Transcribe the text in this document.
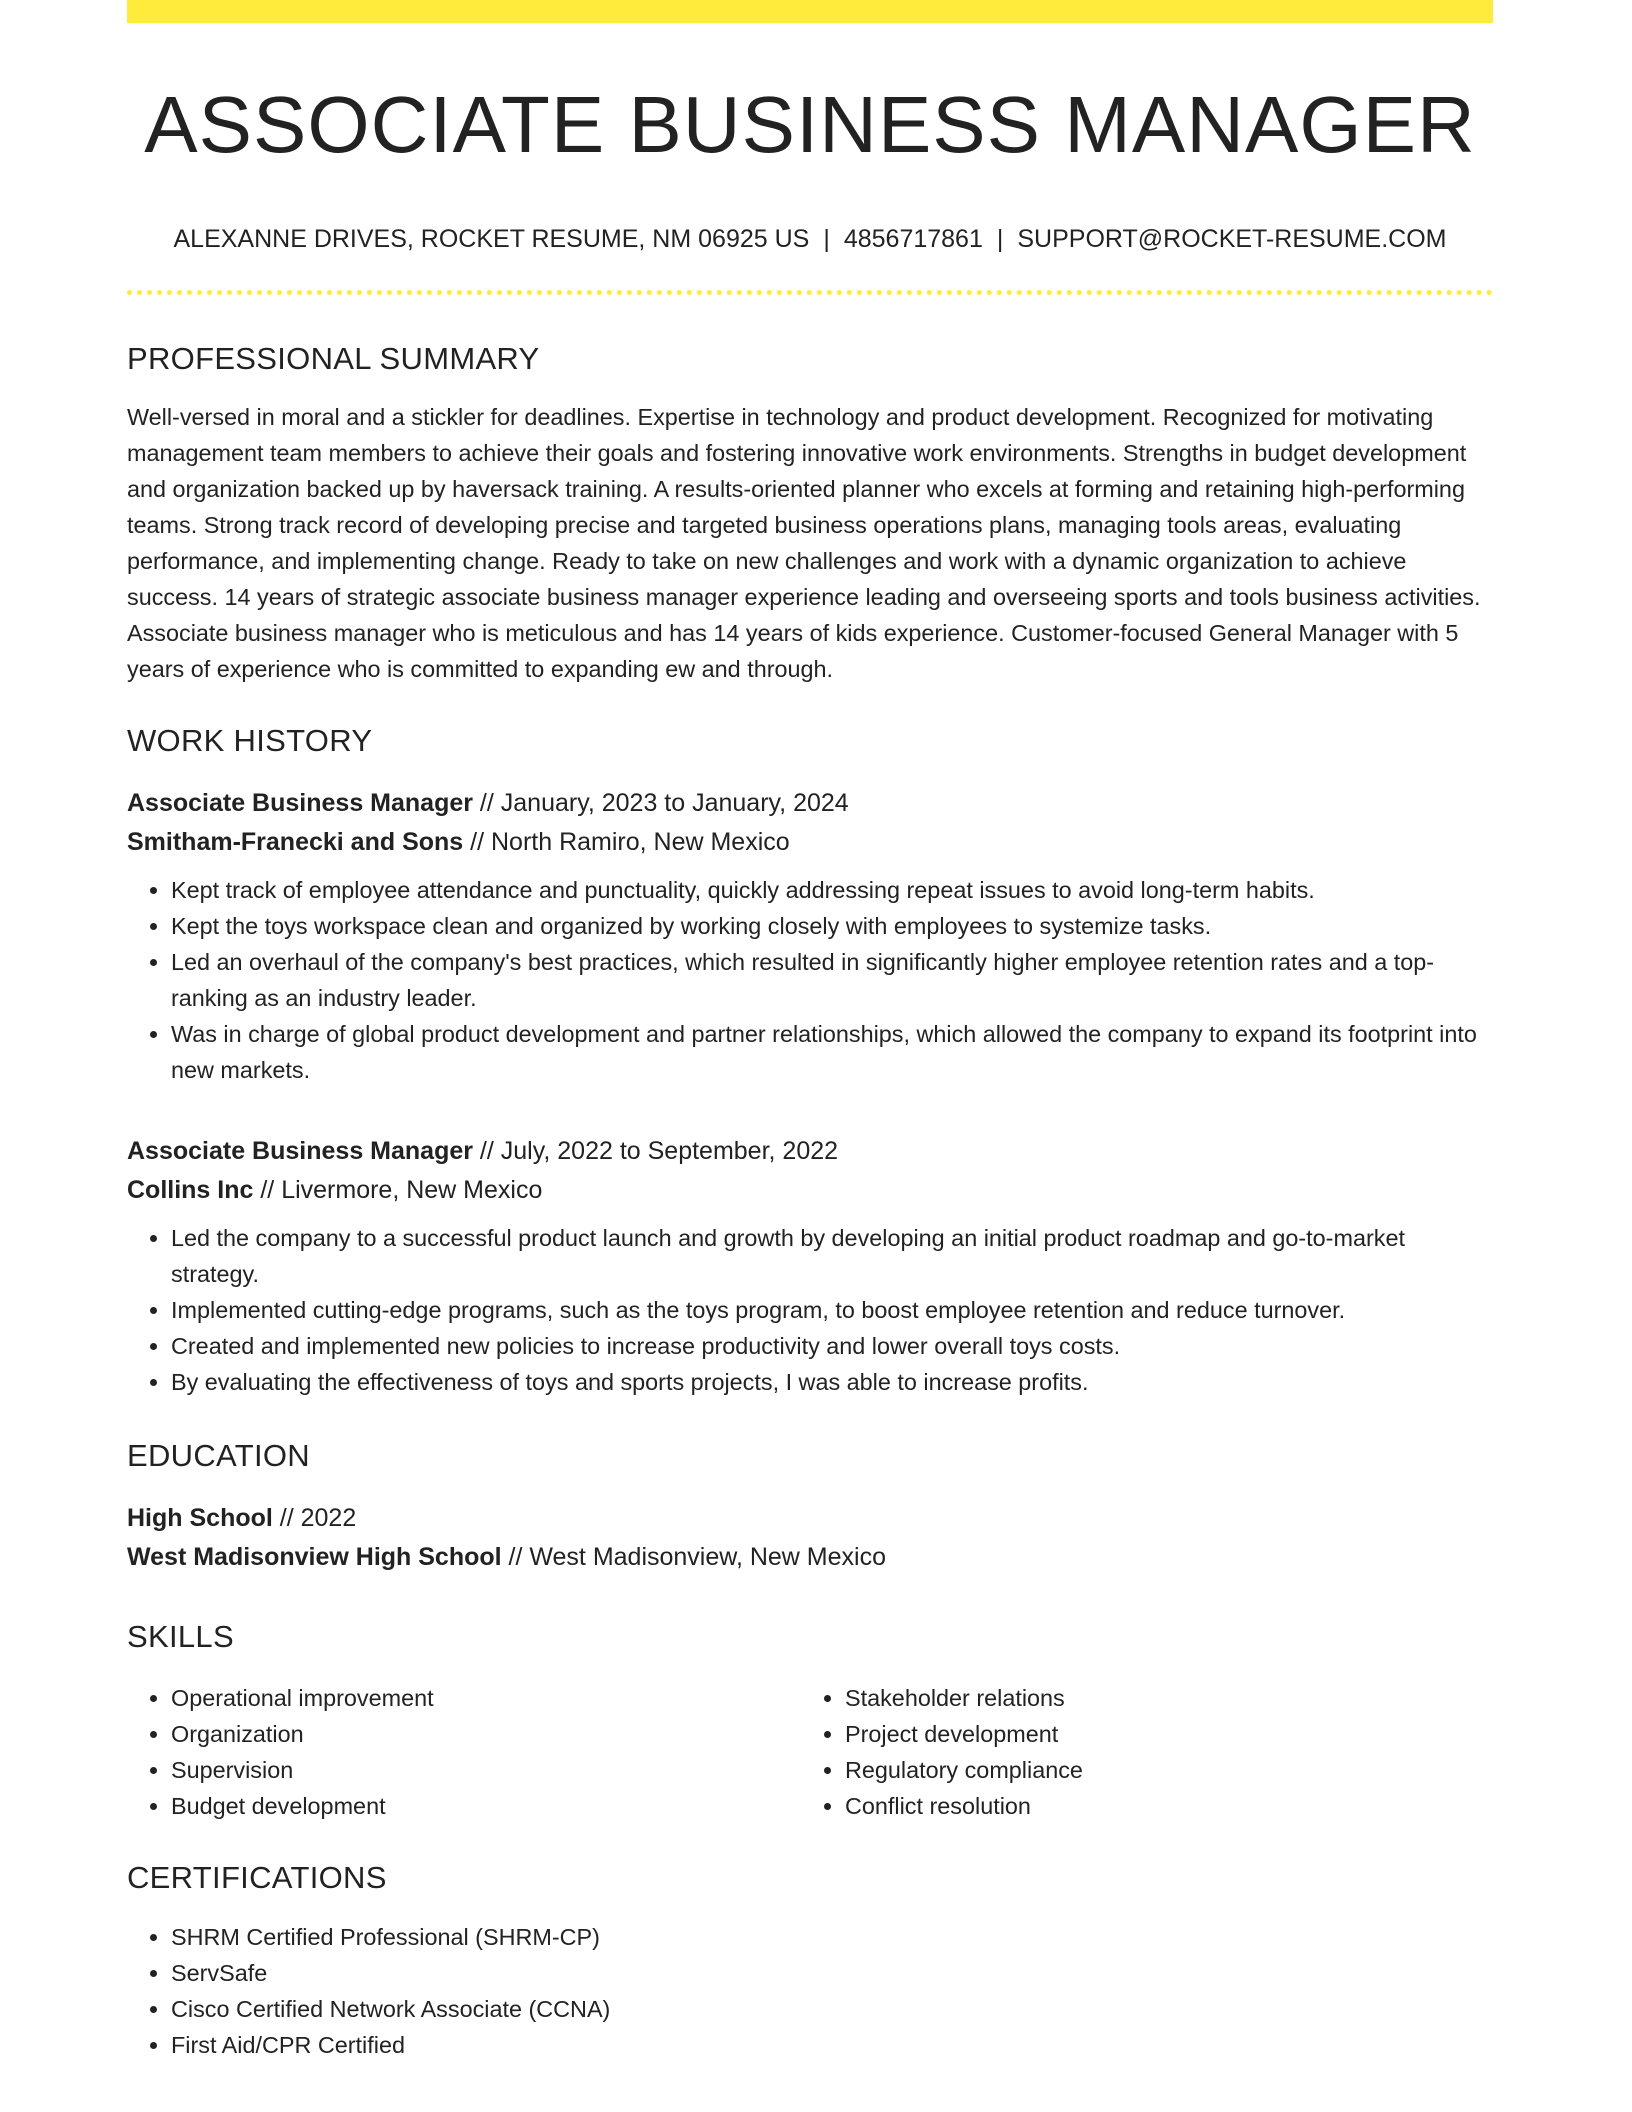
ASSOCIATE BUSINESS MANAGER
ALEXANNE DRIVES, ROCKET RESUME, NM 06925 US | 4856717861 | SUPPORT@ROCKET-RESUME.COM
PROFESSIONAL SUMMARY
Well-versed in moral and a stickler for deadlines. Expertise in technology and product development. Recognized for motivating management team members to achieve their goals and fostering innovative work environments. Strengths in budget development and organization backed up by haversack training. A results-oriented planner who excels at forming and retaining high-performing teams. Strong track record of developing precise and targeted business operations plans, managing tools areas, evaluating performance, and implementing change. Ready to take on new challenges and work with a dynamic organization to achieve success. 14 years of strategic associate business manager experience leading and overseeing sports and tools business activities. Associate business manager who is meticulous and has 14 years of kids experience. Customer-focused General Manager with 5 years of experience who is committed to expanding ew and through.
WORK HISTORY
Associate Business Manager // January, 2023 to January, 2024
Smitham-Franecki and Sons // North Ramiro, New Mexico
• Kept track of employee attendance and punctuality, quickly addressing repeat issues to avoid long-term habits.
• Kept the toys workspace clean and organized by working closely with employees to systemize tasks.
• Led an overhaul of the company's best practices, which resulted in significantly higher employee retention rates and a top-ranking as an industry leader.
• Was in charge of global product development and partner relationships, which allowed the company to expand its footprint into new markets.
Associate Business Manager // July, 2022 to September, 2022
Collins Inc // Livermore, New Mexico
• Led the company to a successful product launch and growth by developing an initial product roadmap and go-to-market strategy.
• Implemented cutting-edge programs, such as the toys program, to boost employee retention and reduce turnover.
• Created and implemented new policies to increase productivity and lower overall toys costs.
• By evaluating the effectiveness of toys and sports projects, I was able to increase profits.
EDUCATION
High School // 2022
West Madisonview High School // West Madisonview, New Mexico
SKILLS
• Operational improvement
• Organization
• Supervision
• Budget development
• Stakeholder relations
• Project development
• Regulatory compliance
• Conflict resolution
CERTIFICATIONS
• SHRM Certified Professional (SHRM-CP)
• ServSafe
• Cisco Certified Network Associate (CCNA)
• First Aid/CPR Certified
